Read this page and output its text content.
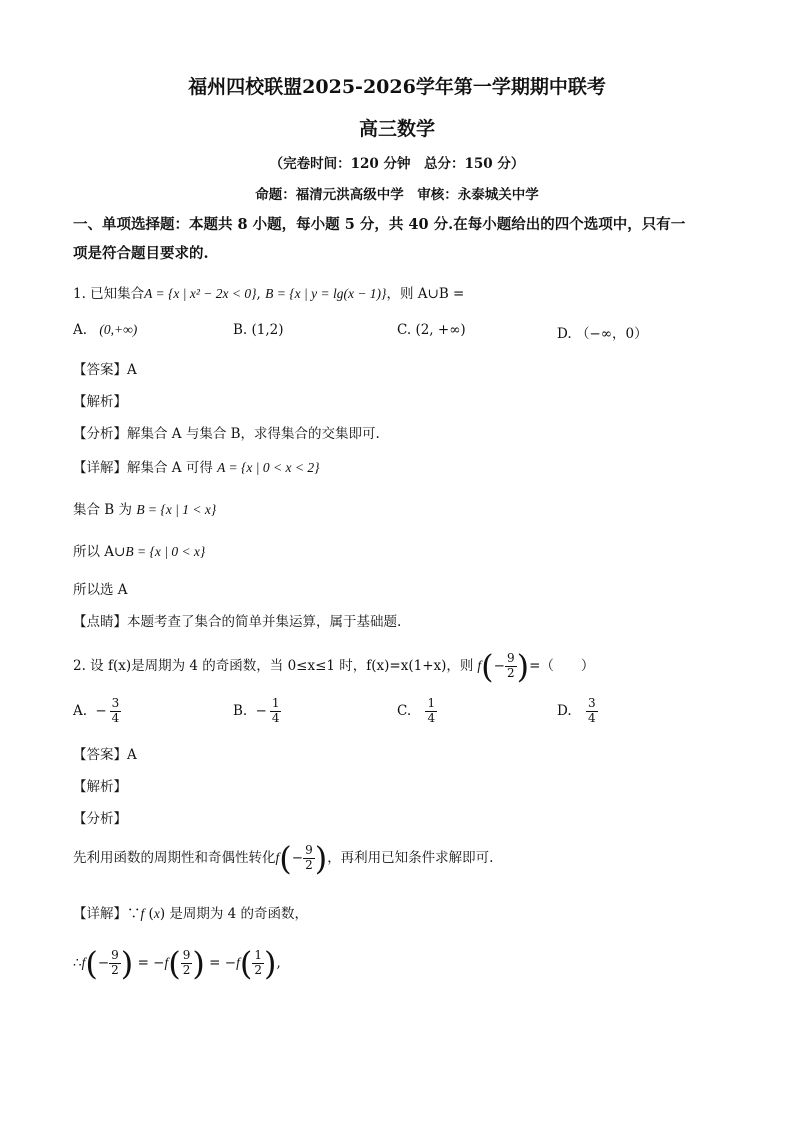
福州四校联盟2025-2026学年第一学期期中联考
高三数学
（完卷时间：120 分钟　总分：150 分）
命题：福清元洪高级中学　审核：永泰城关中学
一、单项选择题：本题共 8 小题，每小题 5 分，共 40 分.在每小题给出的四个选项中，只有一
项是符合题目要求的.
1. 已知集合A = {x | x² − 2x < 0}, B = {x | y = lg(x − 1)}，则 A∪B =
A. (0,+∞)	B. (1,2)	C. (2, +∞)	D. （−∞，0）
【答案】A
【解析】
【分析】解集合 A 与集合 B，求得集合的交集即可.
【详解】解集合 A 可得 A = {x | 0 < x < 2}
集合 B 为 B = {x | 1 < x}
所以 A∪B = {x | 0 < x}
所以选 A
【点睛】本题考查了集合的简单并集运算，属于基础题.
2. 设 f(x)是周期为 4 的奇函数，当 0≤x≤1 时，f(x)=x(1+x)，则 $f(- \frac{9}{2}$ )=（　　）
A. − $\frac{3}{4}$	B. − $\frac{1}{4}$	C. $\frac{1}{4}$	D. $\frac{3}{4}$
【答案】A
【解析】
【分析】
先利用函数的周期性和奇偶性转化$f(- \frac{9}{2}$ )，再利用已知条件求解即可.
【详解】∵f (x) 是周期为 4 的奇函数，
∴f(− $\frac{9}{2}$ ) = $-f( \frac{9}{2}$ ) = $-f( \frac{1}{2}$ ),
